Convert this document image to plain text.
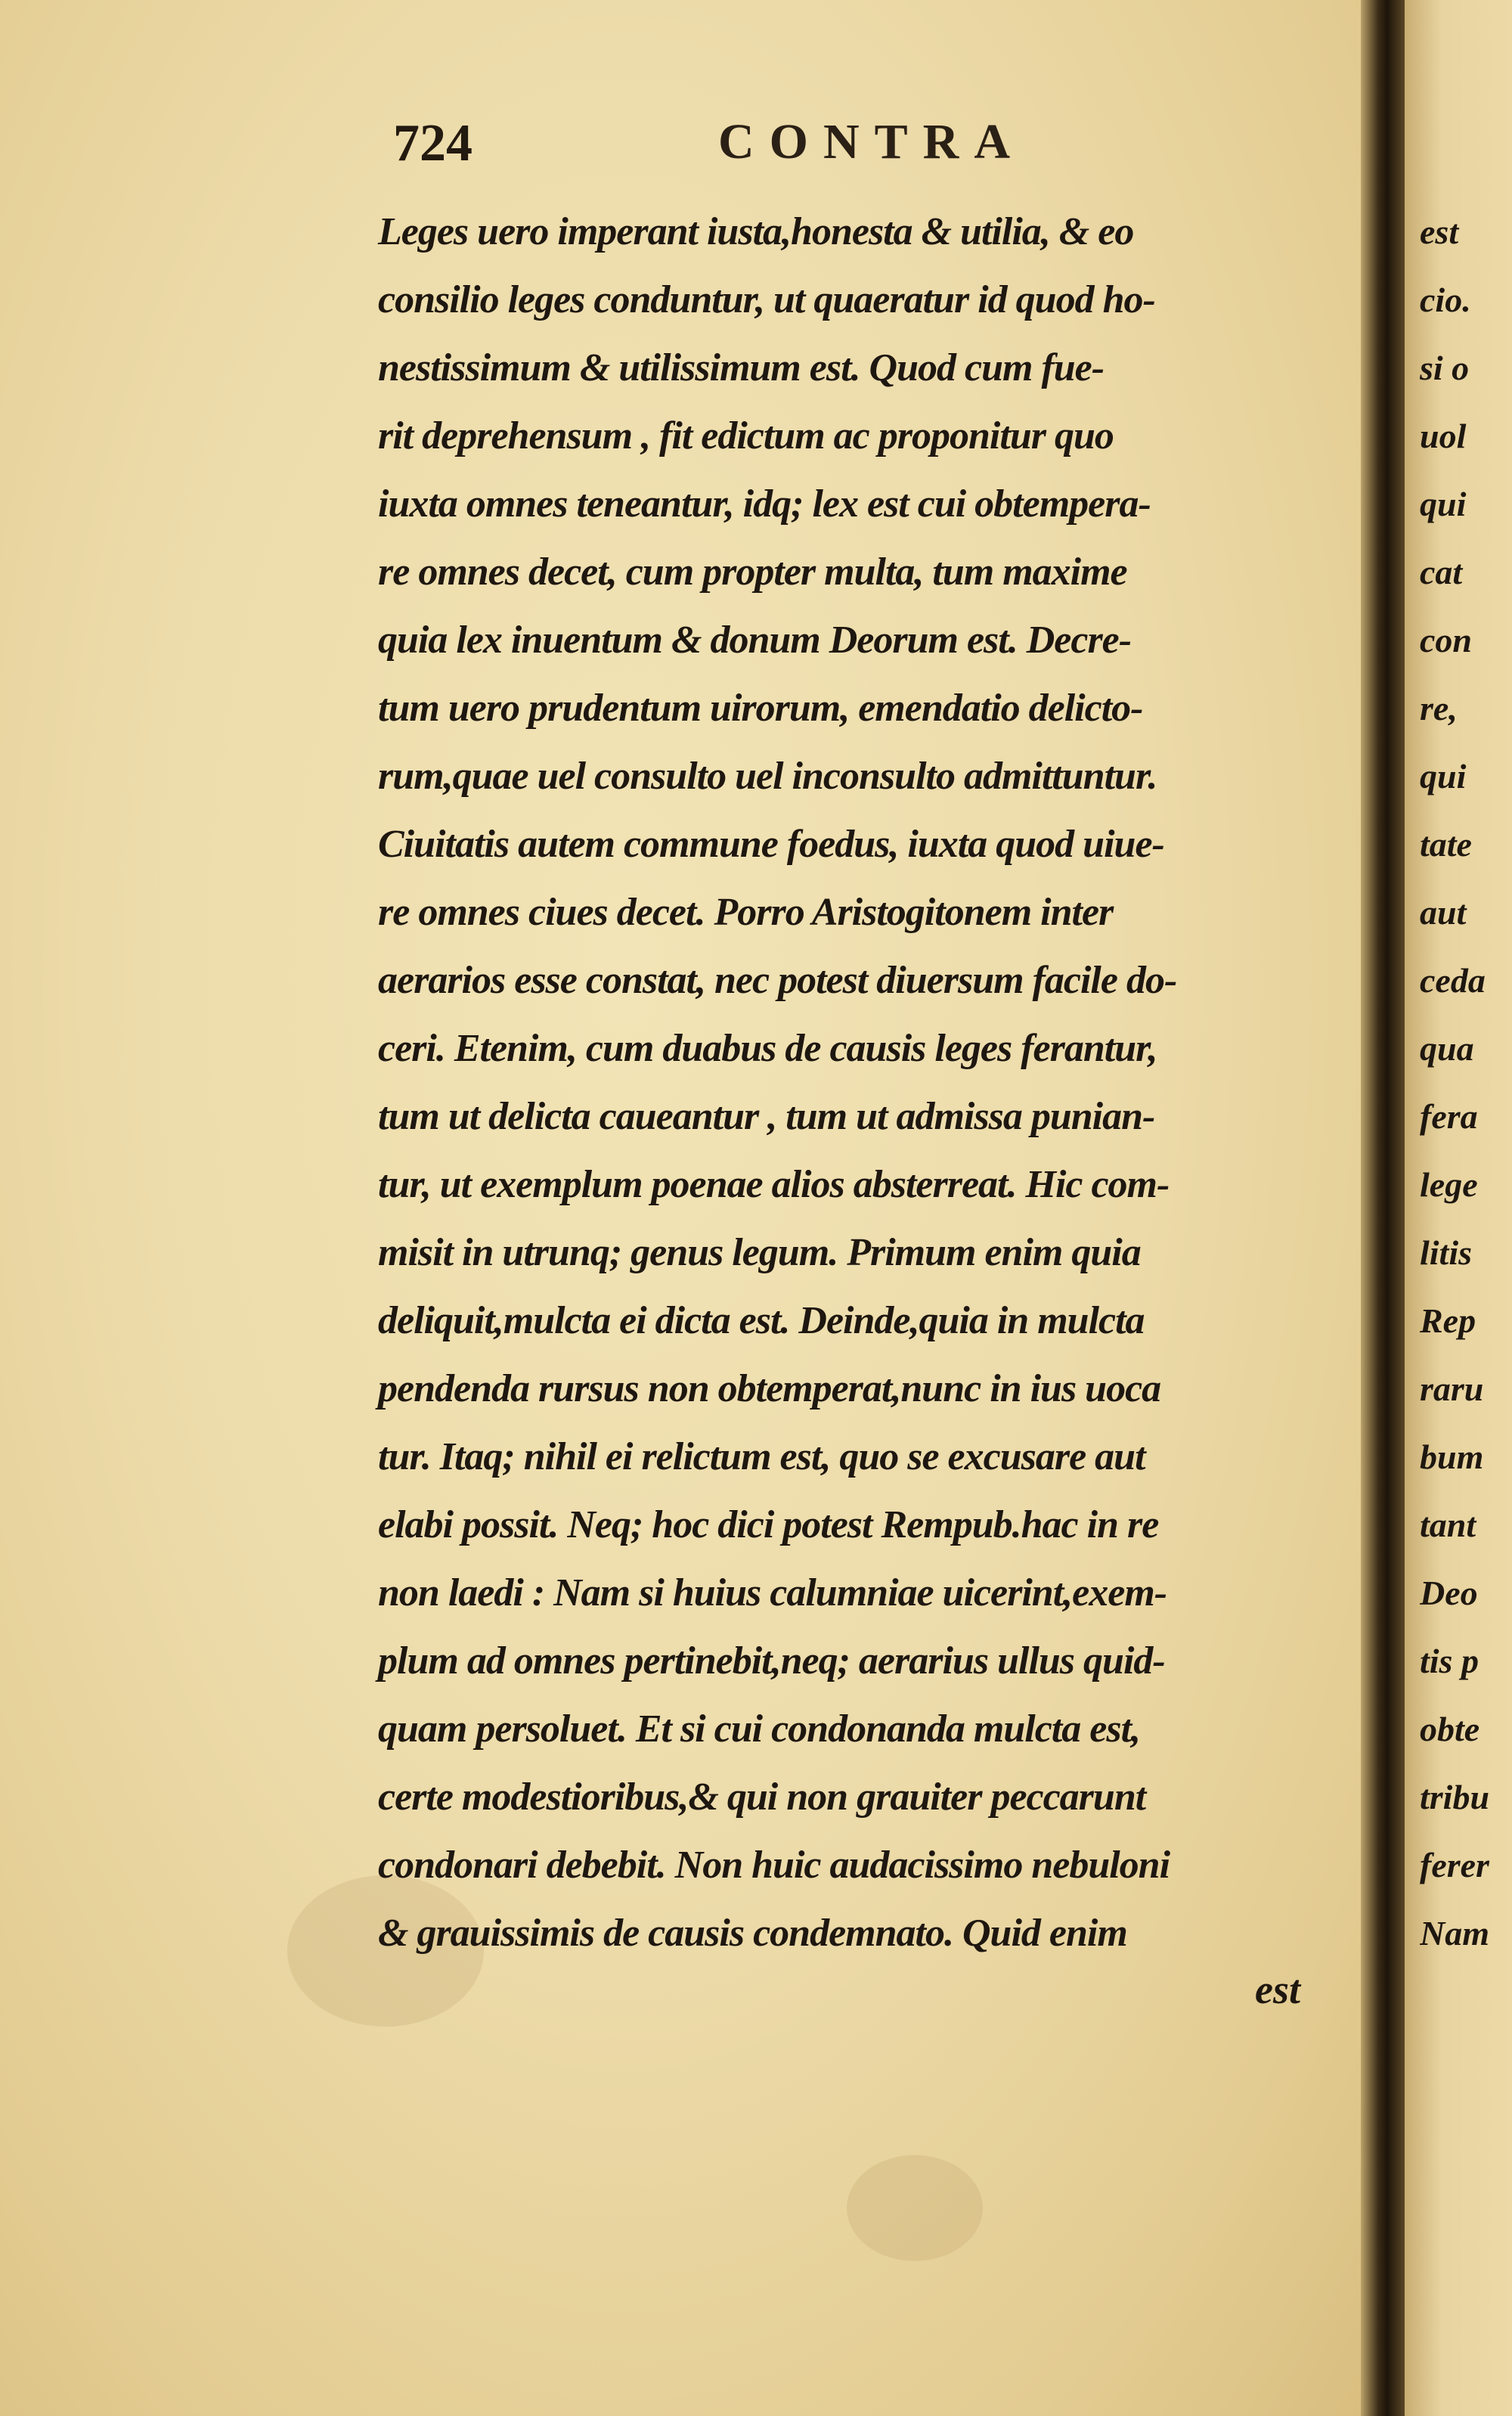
724	CONTRA
Leges uero imperant iusta,honesta & utilia, & eo
consilio leges conduntur, ut quaeratur id quod ho-
nestissimum & utilissimum est. Quod cum fue-
rit deprehensum , fit edictum ac proponitur quo
iuxta omnes teneantur, idq; lex est cui obtempera-
re omnes decet, cum propter multa, tum maxime
quia lex inuentum & donum Deorum est. Decre-
tum uero prudentum uirorum, emendatio delicto-
rum,quae uel consulto uel inconsulto admittuntur.
Ciuitatis autem commune foedus, iuxta quod uiue-
re omnes ciues decet. Porro Aristogitonem inter
aerarios esse constat, nec potest diuersum facile do-
ceri. Etenim, cum duabus de causis leges ferantur,
tum ut delicta caueantur , tum ut admissa punian-
tur, ut exemplum poenae alios absterreat. Hic com-
misit in utrunq; genus legum. Primum enim quia
deliquit,mulcta ei dicta est. Deinde,quia in mulcta
pendenda rursus non obtemperat,nunc in ius uoca
tur. Itaq; nihil ei relictum est, quo se excusare aut
elabi possit. Neq; hoc dici potest Rempub.hac in re
non laedi : Nam si huius calumniae uicerint,exem-
plum ad omnes pertinebit,neq; aerarius ullus quid-
quam persoluet. Et si cui condonanda mulcta est,
certe modestioribus,& qui non grauiter peccarunt
condonari debebit. Non huic audacissimo nebuloni
& grauissimis de causis condemnato. Quid enim
est
est
cio.
si o
uol
qui
cat
con
re,
qui
tate
aut
ceda
qua
fera
lege
litis
Rep
raru
bum
tant
Deo
tis p
obte
tribu
ferer
Nam
